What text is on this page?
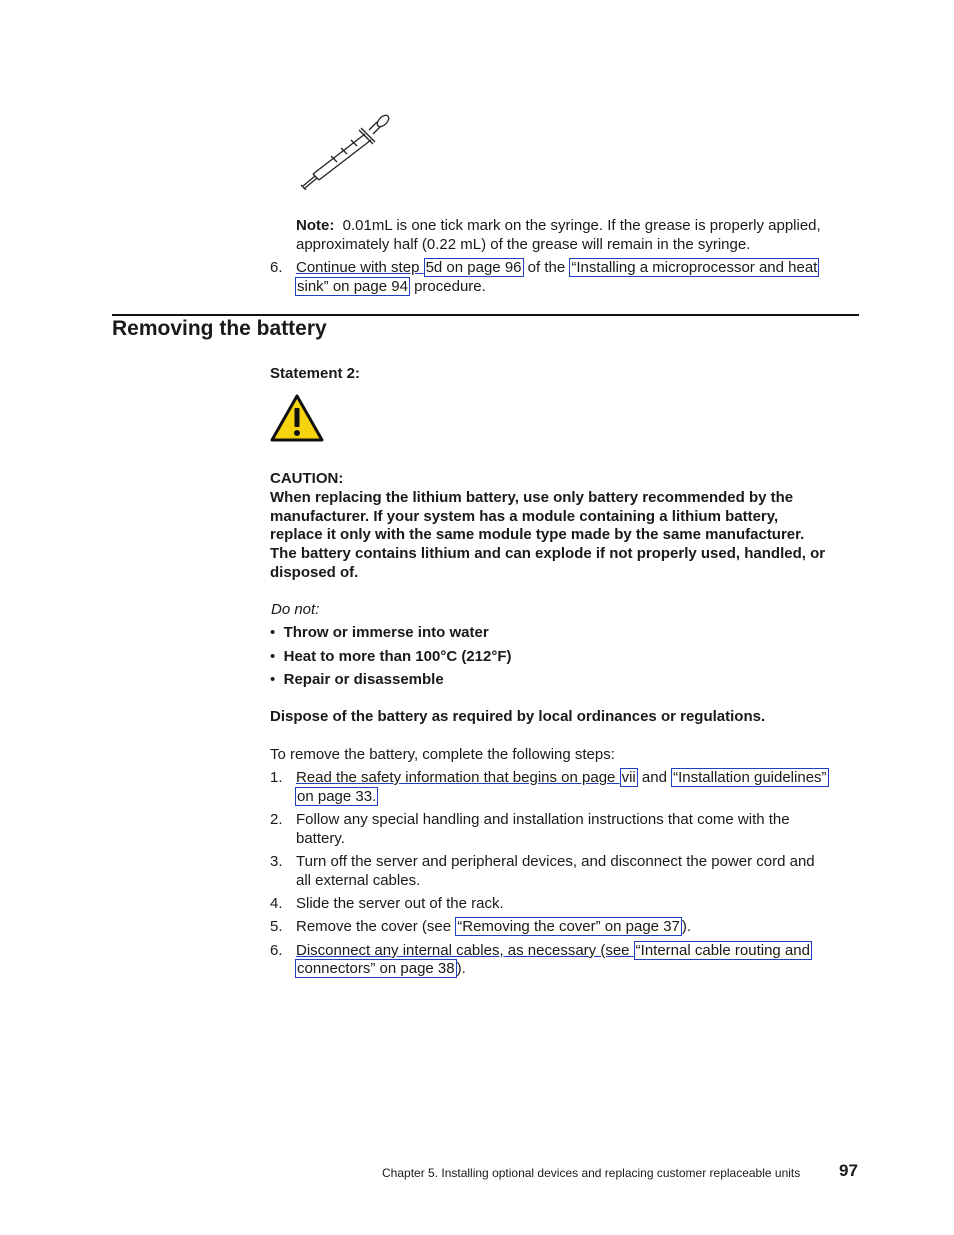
Note: 0.01mL is one tick mark on the syringe. If the grease is properly applied,
approximately half (0.22 mL) of the grease will remain in the syringe.
6. Continue with step 5d on page 96 of the “Installing a microprocessor and heat
sink” on page 94 procedure.
Removing the battery
Statement 2:
CAUTION:
When replacing the lithium battery, use only battery recommended by the
manufacturer. If your system has a module containing a lithium battery,
replace it only with the same module type made by the same manufacturer.
The battery contains lithium and can explode if not properly used, handled, or
disposed of.
Do not:
• Throw or immerse into water
• Heat to more than 100°C (212°F)
• Repair or disassemble
Dispose of the battery as required by local ordinances or regulations.
To remove the battery, complete the following steps:
1. Read the safety information that begins on page vii and “Installation guidelines”
on page 33.
2. Follow any special handling and installation instructions that come with the
battery.
3. Turn off the server and peripheral devices, and disconnect the power cord and
all external cables.
4. Slide the server out of the rack.
5. Remove the cover (see “Removing the cover” on page 37 ).
6. Disconnect any internal cables, as necessary (see “Internal cable routing and
connectors” on page 38 ).
Chapter 5. Installing optional devices and replacing customer replaceable units 97
